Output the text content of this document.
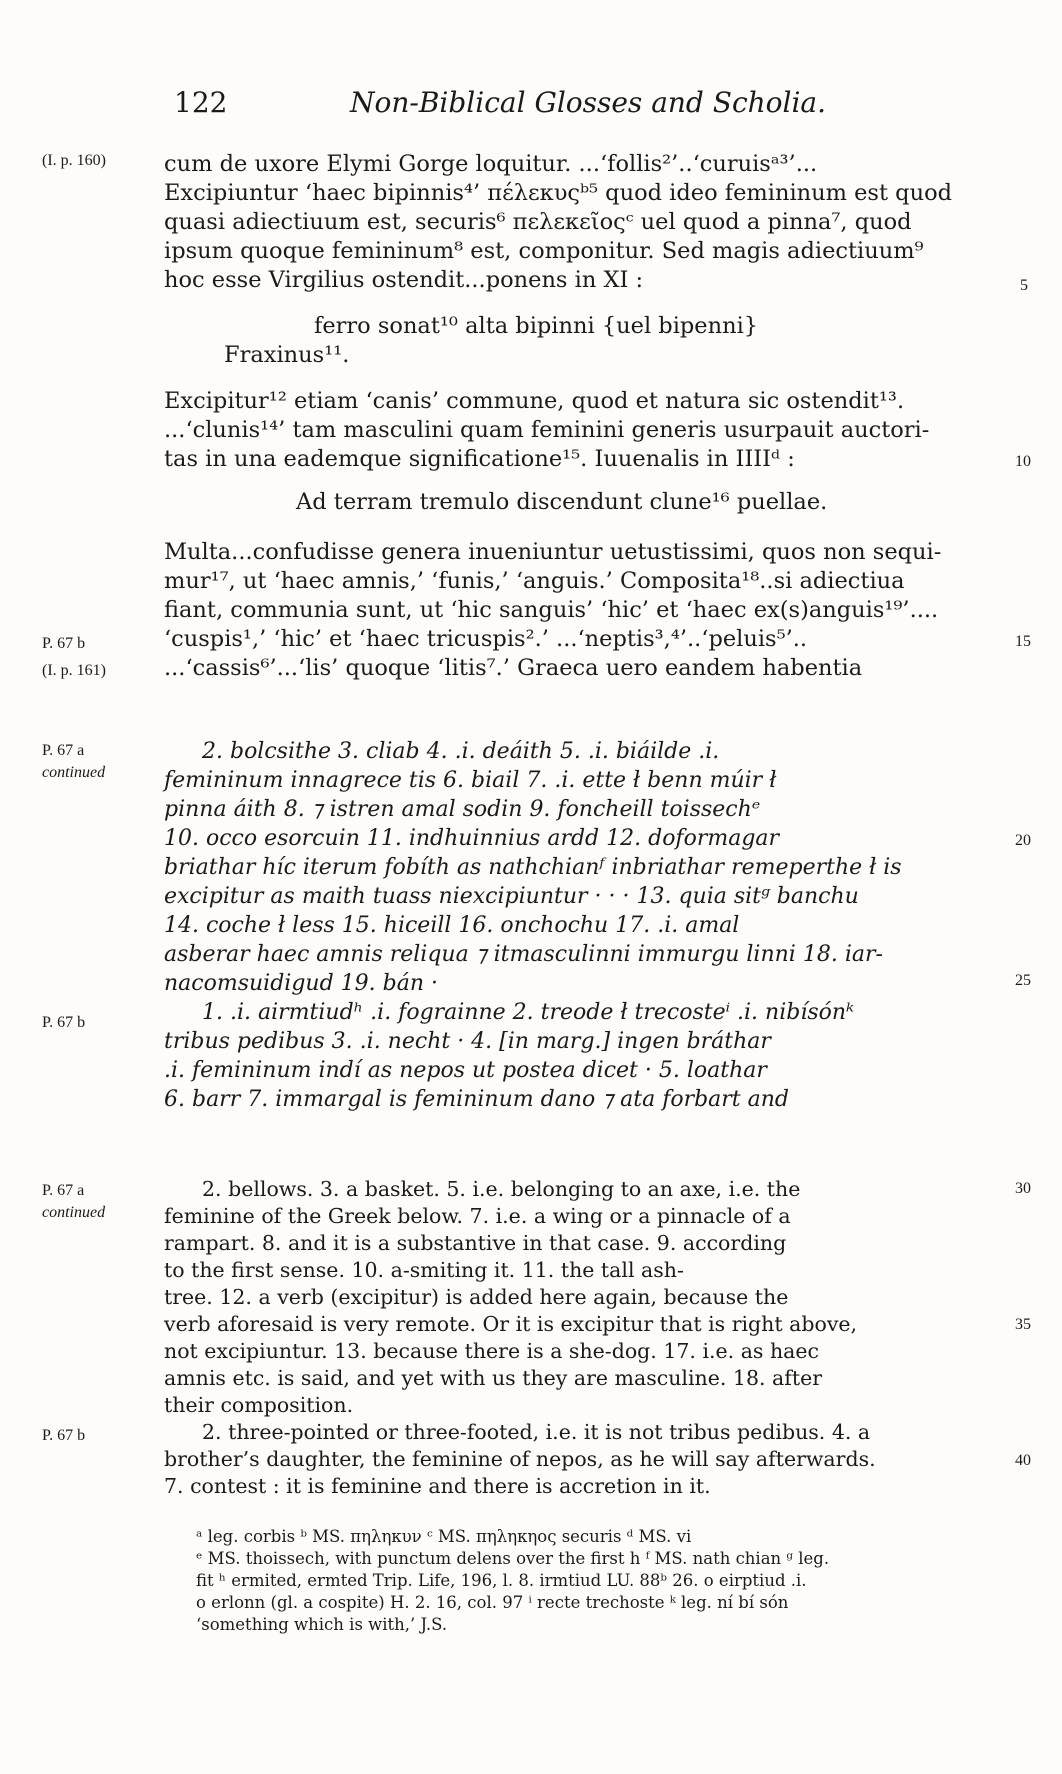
122	Non-Biblical Glosses and Scholia.
(I. p. 160)
P. 67 b
(I. p. 161)
P. 67 a
continued
P. 67 b
P. 67 a
continued
P. 67 b
5
10
15
20
25
30
35
40
cum de uxore Elymi Gorge loquitur. ...‘follis²’..‘curuisᵃ³’...
Excipiuntur ‘haec bipinnis⁴’ πέλεκυςᵇ⁵ quod ideo femininum est quod
quasi adiectiuum est, securis⁶ πελεκεῖοςᶜ uel quod a pinna⁷, quod
ipsum quoque femininum⁸ est, componitur. Sed magis adiectiuum⁹
hoc esse Virgilius ostendit...ponens in XI :
ferro sonat¹⁰ alta bipinni {uel bipenni}
Fraxinus¹¹.
Excipitur¹² etiam ‘canis’ commune, quod et natura sic ostendit¹³.
...‘clunis¹⁴’ tam masculini quam feminini generis usurpauit auctori-
tas in una eademque significatione¹⁵. Iuuenalis in IIIIᵈ :
Ad terram tremulo discendunt clune¹⁶ puellae.
Multa...confudisse genera inueniuntur uetustissimi, quos non sequi-
mur¹⁷, ut ‘haec amnis,’ ‘funis,’ ‘anguis.’ Composita¹⁸..si adiectiua
fiant, communia sunt, ut ‘hic sanguis’ ‘hic’ et ‘haec ex(s)anguis¹⁹’....
‘cuspis¹,’ ‘hic’ et ‘haec tricuspis².’ ...‘neptis³,⁴’..‘peluis⁵’..
...‘cassis⁶’...‘lis’ quoque ‘litis⁷.’ Graeca uero eandem habentia
2. bolcsithe 3. cliab 4. .i. deáith 5. .i. biáilde .i.
femininum innagrece tis 6. biail 7. .i. ette ł benn múir ł
pinna áith 8. ⁊ istren amal sodin 9. foncheill toissechᵉ
10. occo esorcuin 11. indhuinnius ardd 12. doformagar
briathar híc iterum fobíth as nathchianᶠ inbriathar remeperthe ł is
excipitur as maith tuass niexcipiuntur · · · 13. quia sitᵍ banchu
14. coche ł less 15. hiceill 16. onchochu 17. .i. amal
asberar haec amnis reliqua ⁊ itmasculinni immurgu linni 18. iar-
nacomsuidigud 19. bán ·
1. .i. airmtiudʰ .i. fograinne 2. treode ł trecosteⁱ .i. nibísónᵏ
tribus pedibus 3. .i. necht · 4. [in marg.] ingen bráthar
.i. femininum indí as nepos ut postea dicet · 5. loathar
6. barr 7. immargal is femininum dano ⁊ ata forbart and
2. bellows. 3. a basket. 5. i.e. belonging to an axe, i.e. the
feminine of the Greek below. 7. i.e. a wing or a pinnacle of a
rampart. 8. and it is a substantive in that case. 9. according
to the first sense. 10. a-smiting it. 11. the tall ash-
tree. 12. a verb (excipitur) is added here again, because the
verb aforesaid is very remote. Or it is excipitur that is right above,
not excipiuntur. 13. because there is a she-dog. 17. i.e. as haec
amnis etc. is said, and yet with us they are masculine. 18. after
their composition.
2. three-pointed or three-footed, i.e. it is not tribus pedibus. 4. a
brother’s daughter, the feminine of nepos, as he will say afterwards.
7. contest : it is feminine and there is accretion in it.
ᵃ leg. corbis ᵇ MS. πηληκυν ᶜ MS. πηληκηος securis ᵈ MS. vi
ᵉ MS. thoissech, with punctum delens over the first h ᶠ MS. nath chian ᵍ leg.
fit ʰ ermited, ermted Trip. Life, 196, l. 8. irmtiud LU. 88ᵇ 26. o eirptiud .i.
o erlonn (gl. a cospite) H. 2. 16, col. 97 ⁱ recte trechoste ᵏ leg. ní bí són
‘something which is with,’ J.S.
